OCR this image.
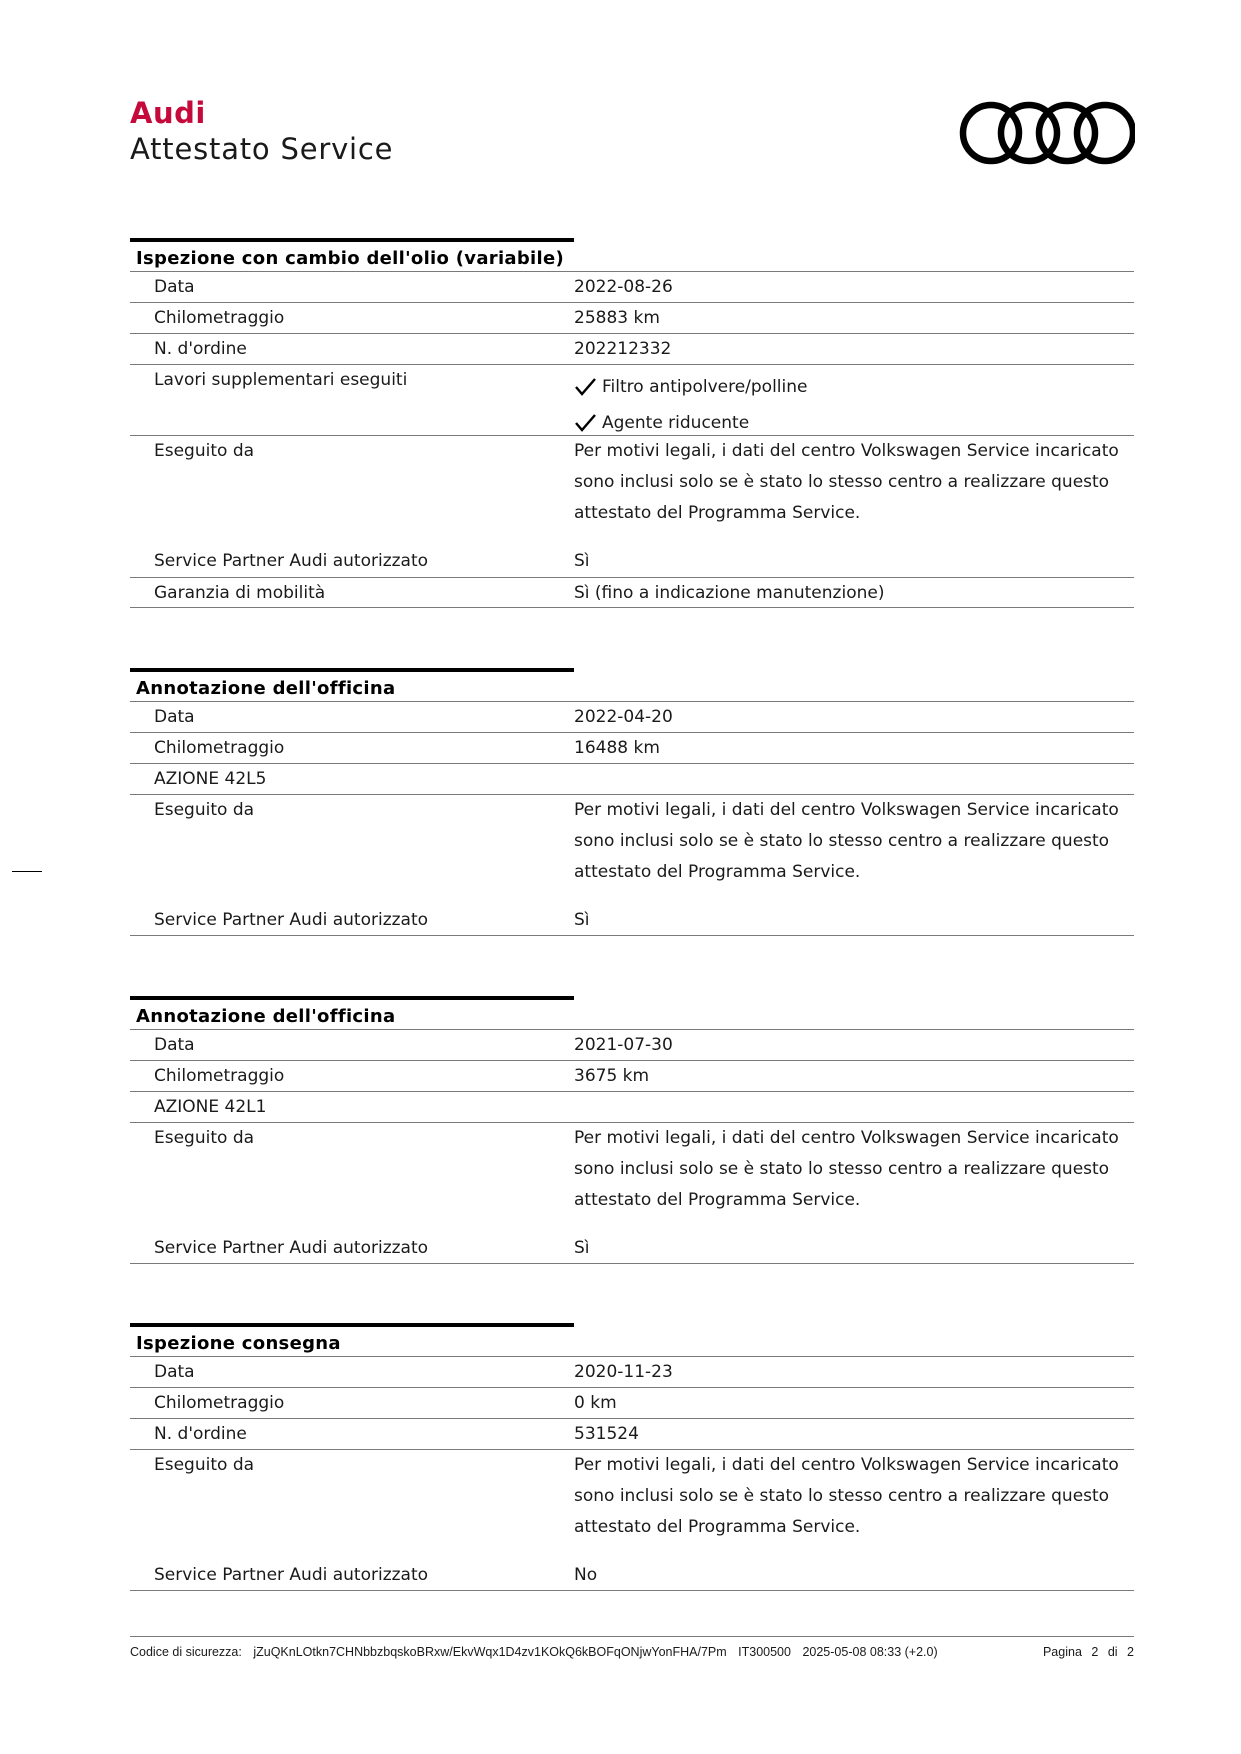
Audi
Attestato Service
Ispezione con cambio dell'olio (variabile)
Data	2022-08-26
Chilometraggio	25883 km
N. d'ordine	202212332
Lavori supplementari eseguiti	Filtro antipolvere/polline
Agente riducente
Eseguito da	Per motivi legali, i dati del centro Volkswagen Service incaricato
sono inclusi solo se è stato lo stesso centro a realizzare questo
attestato del Programma Service.
Service Partner Audi autorizzato	Sì
Garanzia di mobilità	Sì (fino a indicazione manutenzione)
Annotazione dell'officina
Data	2022-04-20
Chilometraggio	16488 km
AZIONE 42L5
Eseguito da	Per motivi legali, i dati del centro Volkswagen Service incaricato
sono inclusi solo se è stato lo stesso centro a realizzare questo
attestato del Programma Service.
Service Partner Audi autorizzato	Sì
Annotazione dell'officina
Data	2021-07-30
Chilometraggio	3675 km
AZIONE 42L1
Eseguito da	Per motivi legali, i dati del centro Volkswagen Service incaricato
sono inclusi solo se è stato lo stesso centro a realizzare questo
attestato del Programma Service.
Service Partner Audi autorizzato	Sì
Ispezione consegna
Data	2020-11-23
Chilometraggio	0 km
N. d'ordine	531524
Eseguito da	Per motivi legali, i dati del centro Volkswagen Service incaricato
sono inclusi solo se è stato lo stesso centro a realizzare questo
attestato del Programma Service.
Service Partner Audi autorizzato	No
Codice di sicurezza: jZuQKnLOtkn7CHNbbzbqskoBRxw/EkvWqx1D4zv1KOkQ6kBOFqONjwYonFHA/7Pm IT300500 2025-05-08 08:33 (+2.0)	Pagina 2 di 2
